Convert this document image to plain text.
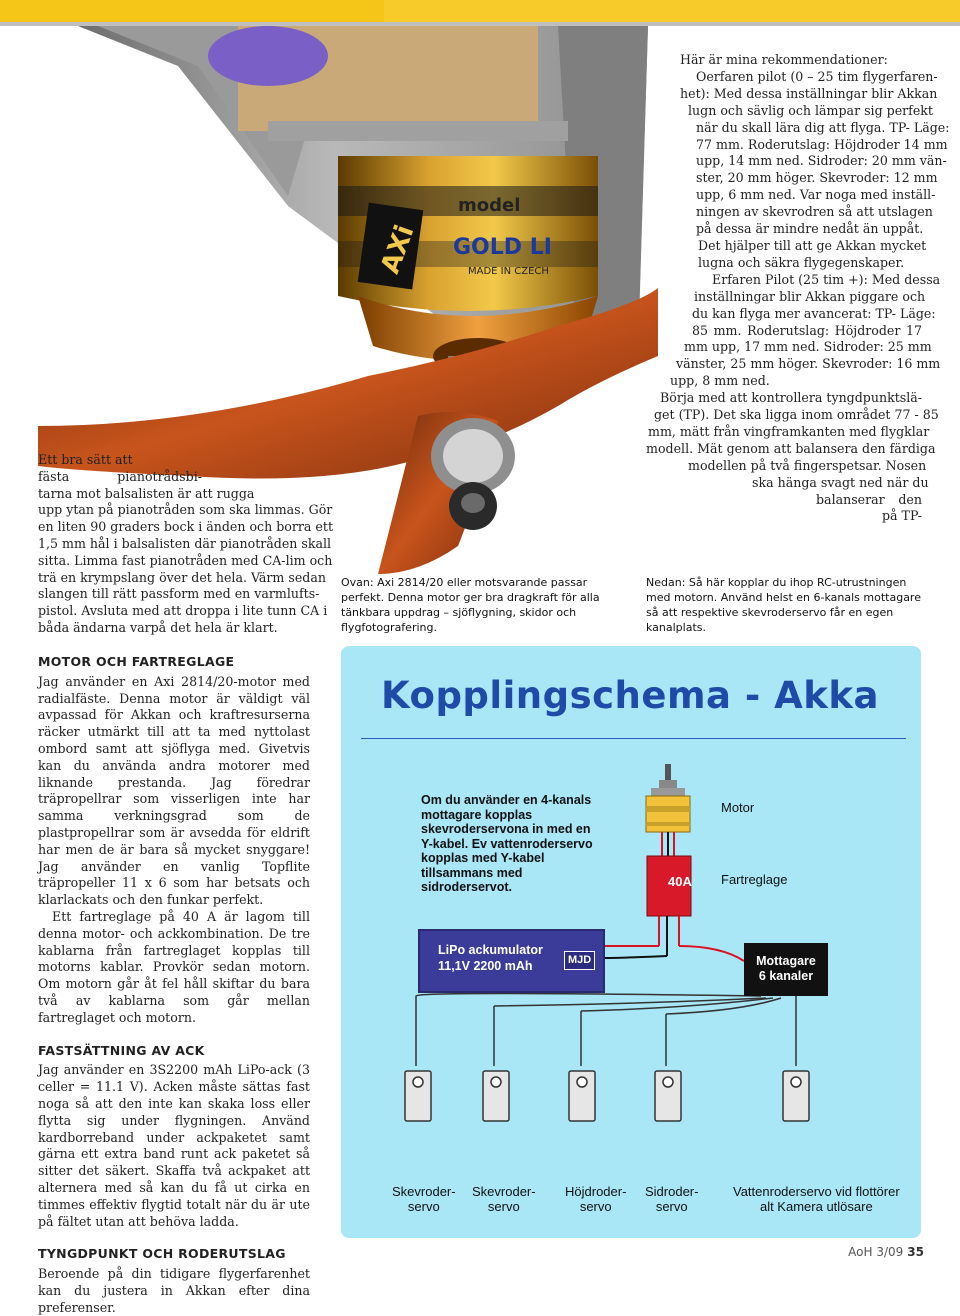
AXi
model
GOLD LI
MADE IN CZECH
Ett bra sätt att
fästa pianotrådsbi-
tarna mot balsalisten är att rugga
upp ytan på pianotråden som ska limmas. Gör
en liten 90 graders bock i änden och borra ett
1,5 mm hål i balsalisten där pianotråden skall
sitta. Limma fast pianotråden med CA-lim och
trä en krympslang över det hela. Värm sedan
slangen till rätt passform med en varmlufts-
pistol. Avsluta med att droppa i lite tunn CA i
båda ändarna varpå det hela är klart.
Ovan: Axi 2814/20 eller motsvarande passar perfekt. Denna motor ger bra dragkraft för alla tänkbara uppdrag – sjöflygning, skidor och flygfotografering.
Nedan: Så här kopplar du ihop RC-utrustningen med motorn. Använd helst en 6-kanals mottagare så att respektive skevroderservo får en egen kanalplats.
Här är mina rekommendationer:
Oerfaren pilot (0 – 25 tim flygerfaren-
het): Med dessa inställningar blir Akkan
lugn och sävlig och lämpar sig perfekt
när du skall lära dig att flyga. TP- Läge:
77 mm. Roderutslag: Höjdroder 14 mm
upp, 14 mm ned. Sidroder: 20 mm vän-
ster, 20 mm höger. Skevroder: 12 mm
upp, 6 mm ned. Var noga med inställ-
ningen av skevrodren så att utslagen
på dessa är mindre nedåt än uppåt.
Det hjälper till att ge Akkan mycket
lugna och säkra flygegenskaper.
Erfaren Pilot (25 tim +): Med dessa
inställningar blir Akkan piggare och
du kan flyga mer avancerat: TP- Läge:
85 mm. Roderutslag: Höjdroder 17
mm upp, 17 mm ned. Sidroder: 25 mm
vänster, 25 mm höger. Skevroder: 16 mm
upp, 8 mm ned.
Börja med att kontrollera tyngdpunktslä-
get (TP). Det ska ligga inom området 77 - 85
mm, mätt från vingframkanten med flygklar
modell. Mät genom att balansera den färdiga
modellen på två fingerspetsar. Nosen
ska hänga svagt ned när du
balanserar den
på TP-
MOTOR OCH FARTREGLAGE

Jag använder en Axi 2814/20-motor med radialfäste. Denna motor är väldigt väl avpassad för Akkan och kraftresurserna räcker utmärkt till att ta med nyttolast ombord samt att sjöflyga med. Givetvis kan du använda andra motorer med liknande prestanda. Jag föredrar träpropellrar som visserligen inte har samma verkningsgrad som de plastpropellrar som är avsedda för eldrift har men de är bara så mycket snyggare! Jag använder en vanlig Topflite träpropeller 11 x 6 som har betsats och klarlackats och den funkar perfekt.

Ett fartreglage på 40 A är lagom till denna motor- och ackkombination. De tre kablarna från fartreglaget kopplas till motorns kablar. Provkör sedan motorn. Om motorn går åt fel håll skiftar du bara två av kablarna som går mellan fartreglaget och motorn.

FASTSÄTTNING AV ACK

Jag använder en 3S2200 mAh LiPo-ack (3 celler = 11.1 V). Acken måste sättas fast noga så att den inte kan skaka loss eller flytta sig under flygningen. Använd kardborreband under ackpaketet samt gärna ett extra band runt ack paketet så sitter det säkert. Skaffa två ackpaket att alternera med så kan du få ut cirka en timmes effektiv flygtid totalt när du är ute på fältet utan att behöva ladda.

TYNGDPUNKT OCH RODERUTSLAG

Beroende på din tidigare flygerfarenhet kan du justera in Akkan efter dina preferenser.

Kopplingschema - Akka
Om du använder en 4-kanals
mottagare kopplas
skevroderservona in med en
Y-kabel. Ev vattenroderservo
kopplas med Y-kabel
tillsammans med
sidroderservot.
Motor
Fartreglage
40A
LiPo ackumulator
11,1V 2200 mAh	MJD	Mottagare
6 kanaler
Skevroder-
servo
Skevroder-
servo
Höjdroder-
servo
Sidroder-
servo
Vattenroderservo vid flottörer
alt Kamera utlösare
AoH 3/09 35
